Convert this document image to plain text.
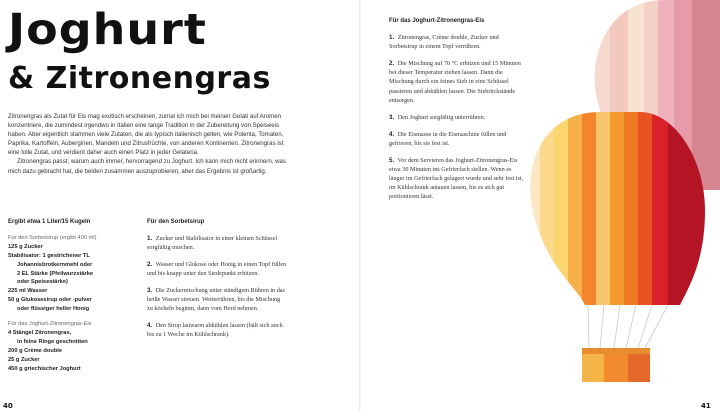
Joghurt
& Zitronengras

Zitronengras als Zutat für Eis mag exotisch erscheinen, zumal ich mich bei meinen Gelati auf Aromen konzentriere, die zumindest irgendwo in Italien eine lange Tradition in der Zubereitung von Speiseeis haben. Aber eigentlich stammen viele Zutaten, die als typisch italienisch gelten, wie Polenta, Tomaten, Paprika, Kartoffeln, Auberginen, Mandeln und Zitrusfrüchte, von anderen Kontinenten. Zitronengras ist eine tolle Zutat, und verdient daher auch einen Platz in jeder Gelateria.

Zitronengras passt, warum auch immer, hervorragend zu Joghurt. Ich kann mich nicht erinnern, was mich dazu gebracht hat, die beiden zusammen auszuprobieren, aber das Ergebnis ist großartig.

Ergibt etwa 1 Liter/15 Kugeln
Für den Sorbetsirup (ergibt 400 ml)
125 g Zucker
Stabilisator: 1 gestrichener TL
Johannisbrotkernmehl oder
2 EL Stärke (Pfeilwurzstärke
oder Speisestärke)
225 ml Wasser
50 g Glukosesirup oder -pulver
oder flüssiger heller Honig
Für das Joghurt-Zitronengras-Eis
4 Stängel Zitronengras,
in feine Ringe geschnitten
200 g Crème double
25 g Zucker
450 g griechischer Joghurt
Für den Sorbetsirup
1. Zucker und Stabilisator in einer kleinen Schüssel sorgfältig mischen.
2. Wasser und Glukose oder Honig in einen Topf füllen und bis knapp unter den Siedepunkt erhitzen.
3. Die Zuckermischung unter ständigem Rühren in das heiße Wasser streuen. Weiterrühren, bis die Mischung zu köcheln beginnt, dann vom Herd nehmen.
4. Den Sirup lauwarm abkühlen lassen (hält sich auch bis zu 1 Woche im Kühlschrank).
Für das Joghurt-Zitronengras-Eis
1. Zitronengras, Crème double, Zucker und Sorbetsirup in einem Topf verrühren.
2. Die Mischung auf 70 °C erhitzen und 15 Minuten bei dieser Temperatur ziehen lassen. Dann die Mischung durch ein feines Sieb in eine Schüssel passieren und abkühlen lassen. Die Siebrückstände entsorgen.
3. Den Joghurt sorgfältig unterrühren.
4. Die Eismasse in die Eismaschine füllen und gefrieren, bis sie fest ist.
5. Vor dem Servieren das Joghurt-Zitronengras-Eis etwa 30 Minuten ins Gefrierfach stellen. Wenn es länger im Gefrierfach gelagert wurde und sehr fest ist, im Kühlschrank antauen lassen, bis es sich gut portionieren lässt.
40	41
